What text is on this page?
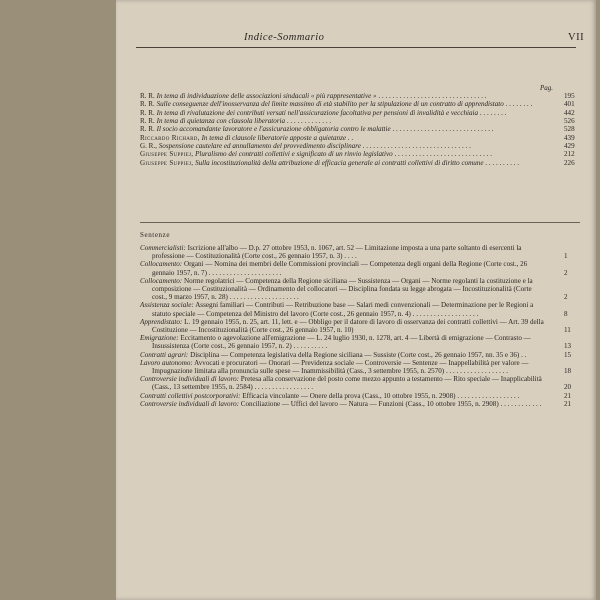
Indice-Sommario	VII
Pag.
R. R. In tema di individuazione delle associazioni sindacali « più rappresentative » . . . . . . . . . . . . . . . . . . . . . . . . . . . . . . .	195
R. R. Sulle conseguenze dell'inosservanza del limite massimo di età stabilito per la stipulazione di un contratto di apprendistato . . . . . . . .	401
R. R. In tema di rivalutazione dei contributi versati nell'assicurazione facoltativa per pensioni di invalidità e vecchiaia . . . . . . . .	442
R. R. In tema di quietanza con clausola liberatoria . . . . . . . . . . . . .	526
R. R. Il socio accomandante lavoratore e l'assicurazione obbligatoria contro le malattie . . . . . . . . . . . . . . . . . . . . . . . . . . . . .	528
Riccardo Richard, In tema di clausole liberatorie apposte a quietanze . .	439
G. R., Sospensione cautelare ed annullamento del provvedimento disciplinare . . . . . . . . . . . . . . . . . . . . . . . . . . . . . . .	429
Giuseppe Suppiej, Pluralismo dei contratti collettivi e significato di un rinvio legislativo . . . . . . . . . . . . . . . . . . . . . . . . . . . .	212
Giuseppe Suppiej, Sulla incostituzionalità della attribuzione di efficacia generale ai contratti collettivi di diritto comune . . . . . . . . . .	226
Sentenze
Commercialisti: Iscrizione all'albo — D.p. 27 ottobre 1953, n. 1067, art. 52 — Limitazione imposta a una parte soltanto di esercenti la professione — Costituzionalità (Corte cost., 26 gennaio 1957, n. 3) . . . .	1
Collocamento: Organi — Nomina dei membri delle Commissioni provinciali — Competenza degli organi della Regione (Corte cost., 26 gennaio 1957, n. 7) . . . . . . . . . . . . . . . . . . . . .	2
Collocamento: Norme regolatrici — Competenza della Regione siciliana — Sussistenza — Organi — Norme regolanti la costituzione e la composizione — Costituzionalità — Ordinamento del collocatori — Disciplina fondata su legge abrogata — Incostituzionalità (Corte cost., 9 marzo 1957, n. 28) . . . . . . . . . . . . . . . . . . . .	2
Assistenza sociale: Assegni familiari — Contributi — Retribuzione base — Salari medi convenzionali — Determinazione per le Regioni a statuto speciale — Competenza del Ministro del lavoro (Corte cost., 26 gennaio 1957, n. 4) . . . . . . . . . . . . . . . . . . .	8
Apprendistato: L. 19 gennaio 1955, n. 25, art. 11, lett. e — Obbligo per il datore di lavoro di osservanza dei contratti collettivi — Art. 39 della Costituzione — Incostituzionalità (Corte cost., 26 gennaio 1957, n. 10)	11
Emigrazione: Eccitamento o agevolazione all'emigrazione — L. 24 luglio 1930, n. 1278, art. 4 — Libertà di emigrazione — Contrasto — Insussistenza (Corte cost., 26 gennaio 1957, n. 2) . . . . . . . . . .	13
Contratti agrari: Disciplina — Competenza legislativa della Regione siciliana — Sussiste (Corte cost., 26 gennaio 1957, nn. 35 e 36) . .	15
Lavoro autonomo: Avvocati e procuratori — Onorari — Previdenza sociale — Controversie — Sentenze — Inappellabilità per valore — Impugnazione limitata alla pronuncia sulle spese — Inammissibilità (Cass., 3 settembre 1955, n. 2570) . . . . . . . . . . . . . . . . . .	18
Controversie individuali di lavoro: Pretesa alla conservazione del posto come mezzo appunto a testamento — Rito speciale — Inapplicabilità (Cass., 13 settembre 1955, n. 2584) . . . . . . . . . . . . . . . . .	20
Contratti collettivi postcorporativi: Efficacia vincolante — Onere della prova (Cass., 10 ottobre 1955, n. 2908) . . . . . . . . . . . . . . . . . .	21
Controversie individuali di lavoro: Conciliazione — Uffici del lavoro — Natura — Funzioni (Cass., 10 ottobre 1955, n. 2908) . . . . . . . . . . . .	21
